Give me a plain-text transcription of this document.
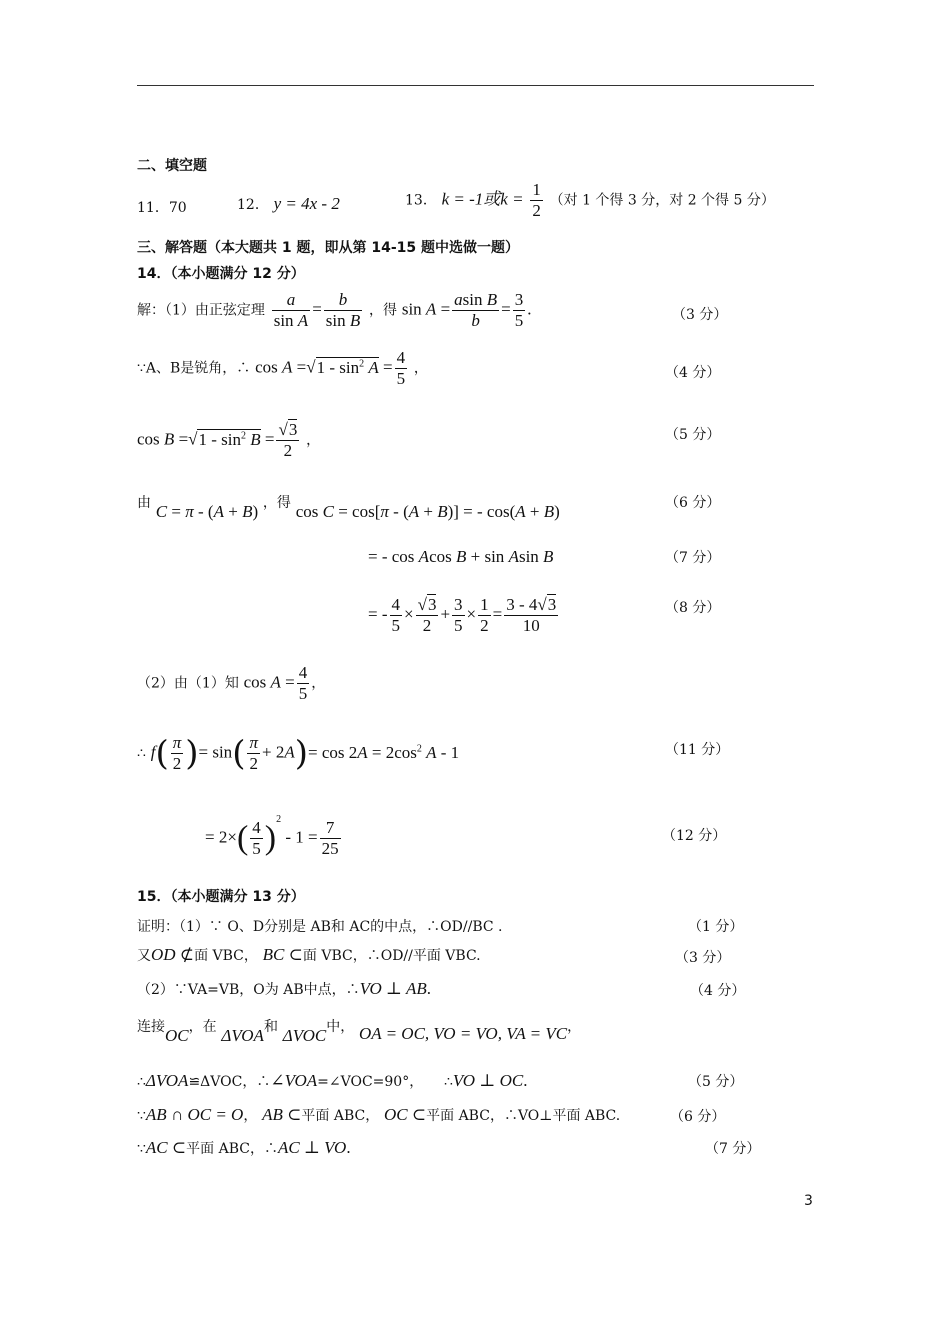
二、填空题
11．70	12． y = 4x - 2	13． k = -1或$k = \frac{1}{2}$ （对 1 个得 3 分，对 2 个得 5 分）
三、解答题（本大题共 1 题，即从第 14-15 题中选做一题）
14．（本小题满分 12 分）
解：（1）由正弦定理 $\frac{a}{\text{sin A}} = \frac{b}{\text{sin B}}$ ，得 $\sin A = \frac{\text{asin B}}{b} = \frac{3}{5}$ .	（3 分）
∵A、B是锐角，∴ $\cos A =√1 - \sin^2 A = \frac{4}{5}$ ，	（4 分）
$\cos B =√1 - \sin^2 B = \frac{√3}{2}$ ，	（5 分）
由 C = π - (A + B) ，得 cos C = cos[π - (A + B)] = - cos(A + B)	（6 分）
= - cos Acos B + sin Asin B	（7 分）
= - $\frac{4}{5} \times \frac{√3}{2} + \frac{3}{5} \times \frac{1}{2} = \frac{3 - 4√3}{10}$	（8 分）
（2）由（1）知 $\cos A = \frac{4}{5}$ ，
∴ $f( \frac{\pi}{2}$ )= $\sin( \frac{\pi}{2} + 2A)= \cos 2A = 2\cos^2$ A - 1	（11 分）
= $2\times( \frac{4}{5} )^2 - 1 = \frac{7}{25}$	（12 分）
15．（本小题满分 13 分）
证明：（1）∵ O、D分别是 AB和 AC的中点，∴OD//BC .	（1 分）
又OD ⊄面 VBC， BC ⊂面 VBC，∴OD//平面 VBC.	（3 分）
（2）∵VA=VB，O为 AB中点，∴VO ⊥ AB.	（4 分）
连接OC，在 ΔVOA和 ΔVOC中， OA = OC, VO = VO, VA = VC，
∴ΔVOA≌ΔVOC，∴∠VOA=∠VOC=90°， ∴VO ⊥ OC.	（5 分）
∵AB ∩ OC = O， AB ⊂平面 ABC， OC ⊂平面 ABC，∴VO⊥平面 ABC.	（6 分）
∵AC ⊂平面 ABC，∴AC ⊥ VO.	（7 分）
3
